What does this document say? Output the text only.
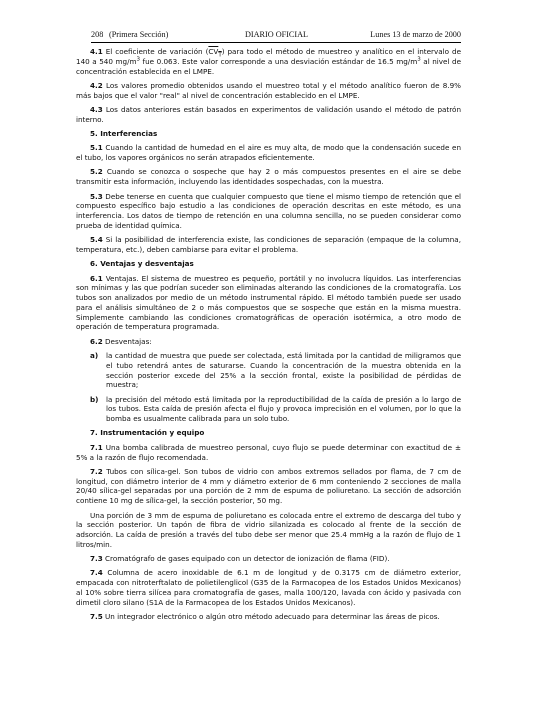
208 (Primera Sección)	DIARIO OFICIAL	Lunes 13 de marzo de 2000

4.1 El coeficiente de variación $(CV_T)$ para todo el método de muestreo y analítico en el intervalo de 140 a 540 $mg/m^3$ fue 0.063. Este valor corresponde a una desviación estándar de 16.5 $mg/m^3$ al nivel de concentración establecida en el LMPE.

4.2 Los valores promedio obtenidos usando el muestreo total y el método analítico fueron de 8.9% más bajos que el valor "real" al nivel de concentración establecido en el LMPE.

4.3 Los datos anteriores están basados en experimentos de validación usando el método de patrón interno.

5. Interferencias

5.1 Cuando la cantidad de humedad en el aire es muy alta, de modo que la condensación sucede en el tubo, los vapores orgánicos no serán atrapados eficientemente.

5.2 Cuando se conozca o sospeche que hay 2 o más compuestos presentes en el aire se debe transmitir esta información, incluyendo las identidades sospechadas, con la muestra.

5.3 Debe tenerse en cuenta que cualquier compuesto que tiene el mismo tiempo de retención que el compuesto específico bajo estudio a las condiciones de operación descritas en este método, es una interferencia. Los datos de tiempo de retención en una columna sencilla, no se pueden considerar como prueba de identidad química.

5.4 Si la posibilidad de interferencia existe, las condiciones de separación (empaque de la columna, temperatura, etc.), deben cambiarse para evitar el problema.

6. Ventajas y desventajas

6.1 Ventajas. El sistema de muestreo es pequeño, portátil y no involucra líquidos. Las interferencias son mínimas y las que podrían suceder son eliminadas alterando las condiciones de la cromatografía. Los tubos son analizados por medio de un método instrumental rápido. El método también puede ser usado para el análisis simultáneo de 2 o más compuestos que se sospeche que están en la misma muestra. Simplemente cambiando las condiciones cromatográficas de operación isotérmica, a otro modo de operación de temperatura programada.

6.2 Desventajas:

a) la cantidad de muestra que puede ser colectada, está limitada por la cantidad de miligramos que el tubo retendrá antes de saturarse. Cuando la concentración de la muestra obtenida en la sección posterior excede del 25% a la sección frontal, existe la posibilidad de pérdidas de muestra;
b) la precisión del método está limitada por la reproductibilidad de la caída de presión a lo largo de los tubos. Esta caída de presión afecta el flujo y provoca imprecisión en el volumen, por lo que la bomba es usualmente calibrada para un solo tubo.
7. Instrumentación y equipo

7.1 Una bomba calibrada de muestreo personal, cuyo flujo se puede determinar con exactitud de ± 5% a la razón de flujo recomendada.

7.2 Tubos con sílica-gel. Son tubos de vidrio con ambos extremos sellados por flama, de 7 cm de longitud, con diámetro interior de 4 mm y diámetro exterior de 6 mm conteniendo 2 secciones de malla 20/40 sílica-gel separadas por una porción de 2 mm de espuma de poliuretano. La sección de adsorción contiene 10 mg de sílica-gel, la sección posterior, 50 mg.

Una porción de 3 mm de espuma de poliuretano es colocada entre el extremo de descarga del tubo y la sección posterior. Un tapón de fibra de vidrio silanizada es colocado al frente de la sección de adsorción. La caída de presión a través del tubo debe ser menor que 25.4 mmHg a la razón de flujo de 1 litros/min.

7.3 Cromatógrafo de gases equipado con un detector de ionización de flama (FID).

7.4 Columna de acero inoxidable de 6.1 m de longitud y de 0.3175 cm de diámetro exterior, empacada con nitroterftalato de polietilenglicol (G35 de la Farmacopea de los Estados Unidos Mexicanos) al 10% sobre tierra silícea para cromatografía de gases, malla 100/120, lavada con ácido y pasivada con dimetil cloro silano (S1A de la Farmacopea de los Estados Unidos Mexicanos).

7.5 Un integrador electrónico o algún otro método adecuado para determinar las áreas de picos.
